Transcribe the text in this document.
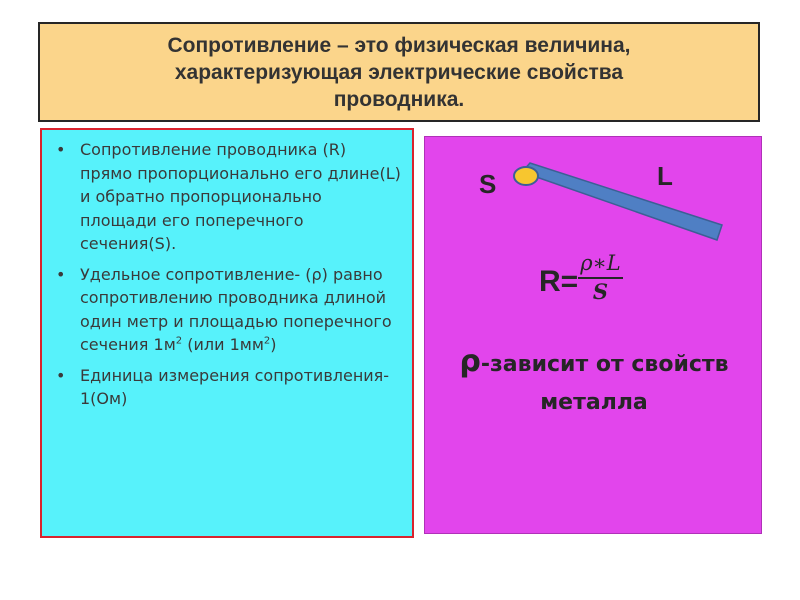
Сопротивление – это физическая величина,
характеризующая электрические свойства
проводника.

• Сопротивление проводника (R) прямо пропорционально его длине(L) и обратно пропорционально площади его поперечного сечения(S).
• Удельное сопротивление- (ρ) равно сопротивлению проводника длиной один метр и площадью поперечного сечения $1м^2$ (или $1мм^2$)
• Единица измерения сопротивления- 1(Ом)
S	L
$R= \frac{\rho∗L}{S}$

ρ-зависит от свойств
металла
